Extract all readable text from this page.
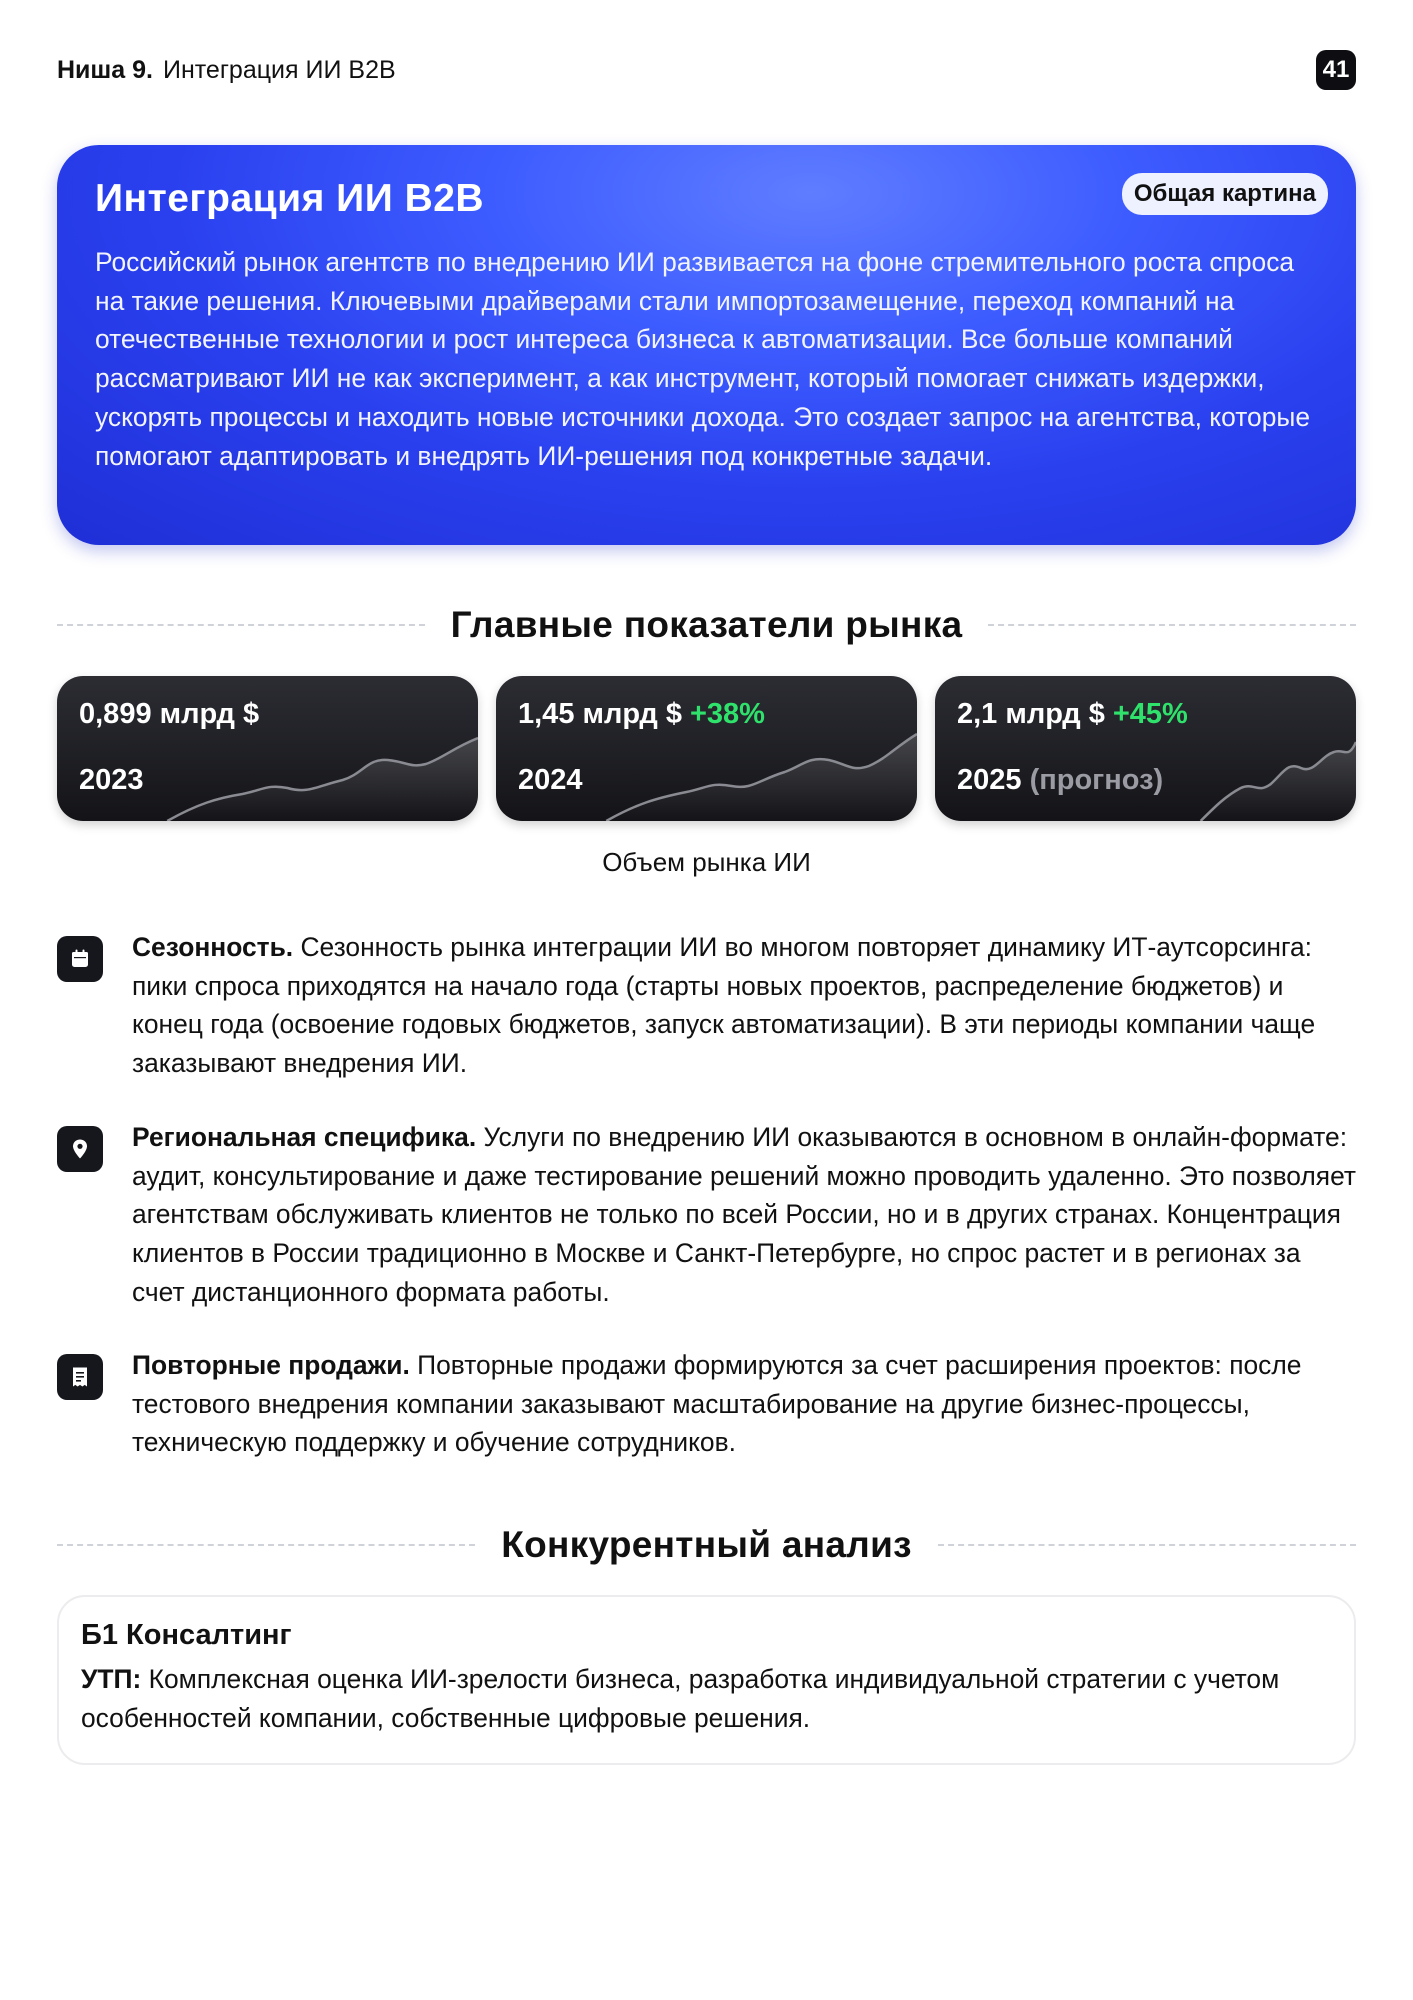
Ниша 9. Интеграция ИИ B2B	41
Интеграция ИИ B2B	Общая картина
Российский рынок агентств по внедрению ИИ развивается на фоне стремительного роста спроса на такие решения. Ключевыми драйверами стали импортозамещение, переход компаний на отечественные технологии и рост интереса бизнеса к автоматизации. Все больше компаний рассматривают ИИ не как эксперимент, а как инструмент, который помогает снижать издержки, ускорять процессы и находить новые источники дохода. Это создает запрос на агентства, которые помогают адаптировать и внедрять ИИ-решения под конкретные задачи.
Главные показатели рынка
0,899 млрд $
2023
1,45 млрд $ +38%
2024
2,1 млрд $ +45%
2025 (прогноз)
Объем рынка ИИ
Сезонность. Сезонность рынка интеграции ИИ во многом повторяет динамику ИТ-аутсорсинга: пики спроса приходятся на начало года (старты новых проектов, распределение бюджетов) и конец года (освоение годовых бюджетов, запуск автоматизации). В эти периоды компании чаще заказывают внедрения ИИ.
Региональная специфика. Услуги по внедрению ИИ оказываются в основном в онлайн-формате: аудит, консультирование и даже тестирование решений можно проводить удаленно. Это позволяет агентствам обслуживать клиентов не только по всей России, но и в других странах. Концентрация клиентов в России традиционно в Москве и Санкт-Петербурге, но спрос растет и в регионах за счет дистанционного формата работы.
Повторные продажи. Повторные продажи формируются за счет расширения проектов: после тестового внедрения компании заказывают масштабирование на другие бизнес-процессы, техническую поддержку и обучение сотрудников.
Конкурентный анализ
Б1 Консалтинг
УТП: Комплексная оценка ИИ-зрелости бизнеса, разработка индивидуальной стратегии с учетом особенностей компании, собственные цифровые решения.
